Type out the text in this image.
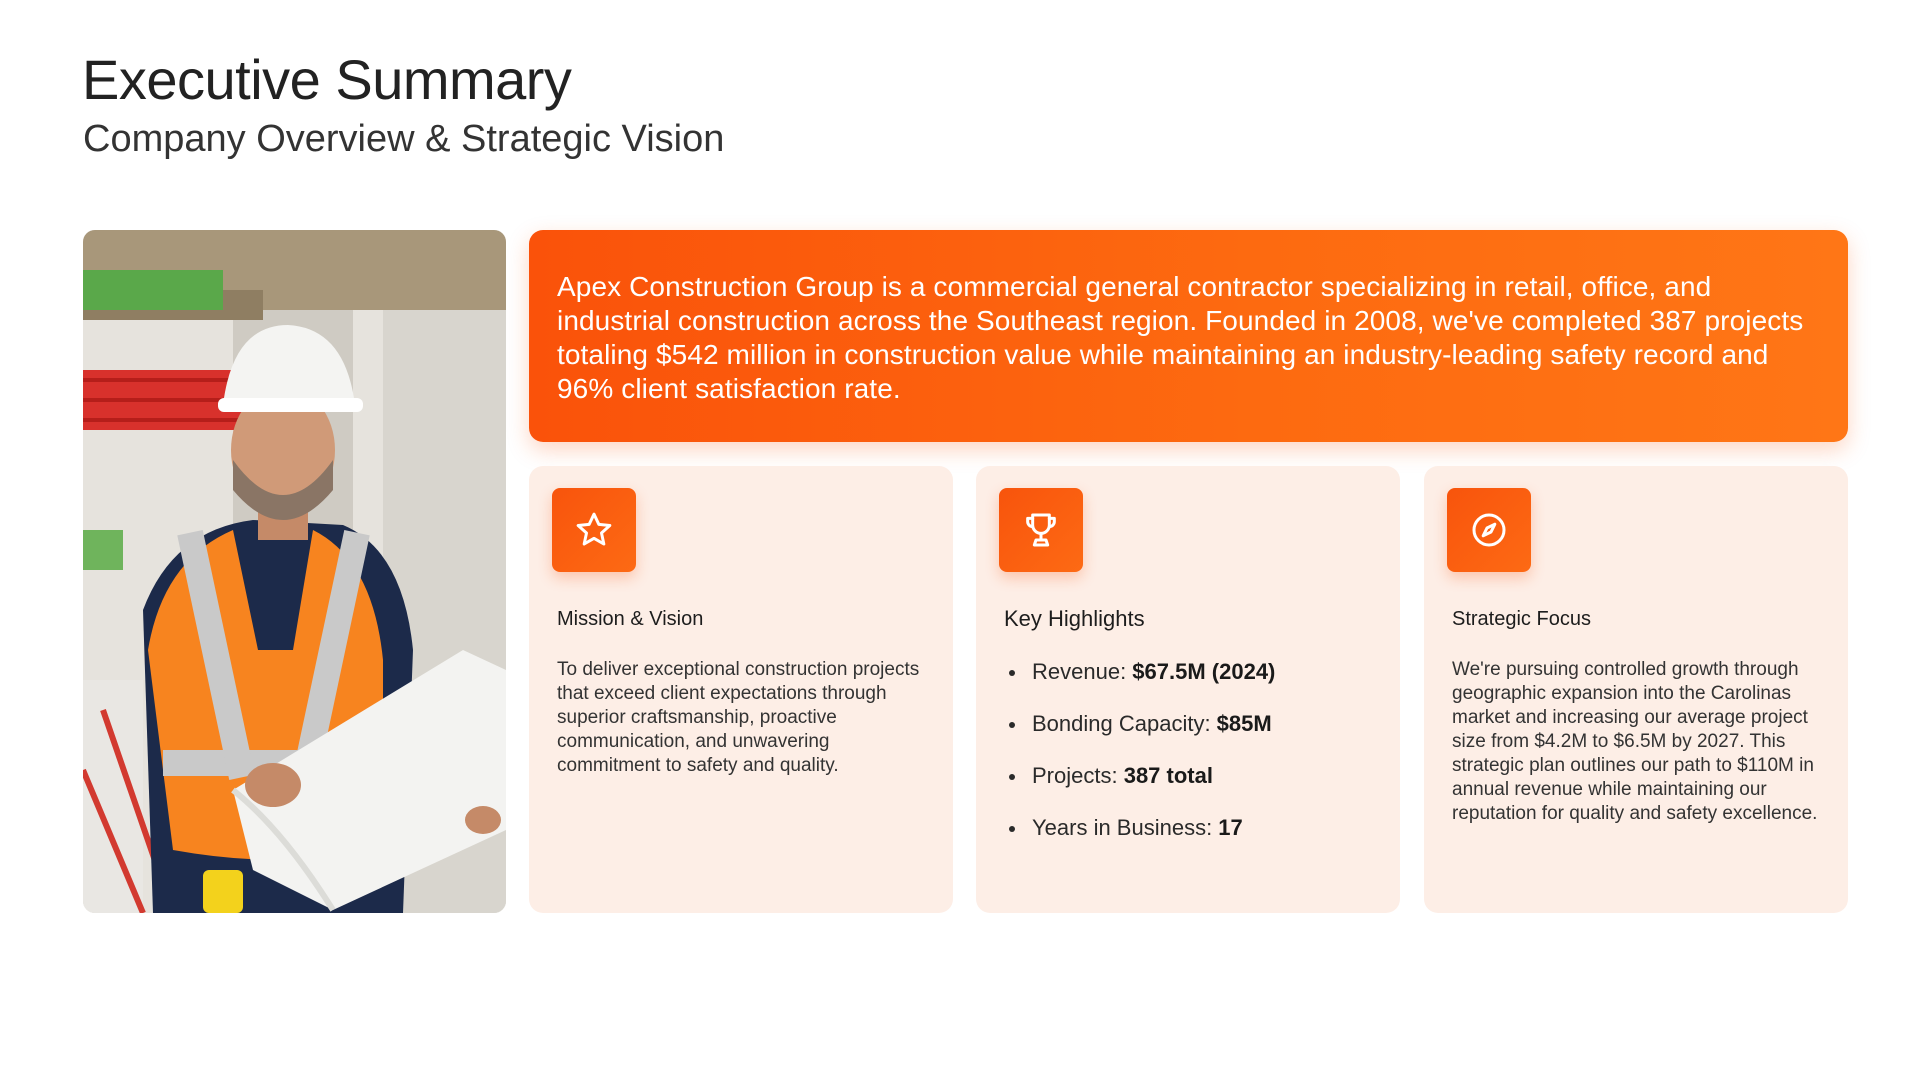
Executive Summary
Company Overview & Strategic Vision

Apex Construction Group is a commercial general contractor specializing in retail, office, and industrial construction across the Southeast region. Founded in 2008, we've completed 387 projects totaling $542 million in construction value while maintaining an industry-leading safety record and 96% client satisfaction rate.

Mission & Vision
To deliver exceptional construction projects that exceed client expectations through superior craftsmanship, proactive communication, and unwavering commitment to safety and quality.
Key Highlights
Revenue: $67.5M (2024)
Bonding Capacity: $85M
Projects: 387 total
Years in Business: 17
Strategic Focus
We're pursuing controlled growth through geographic expansion into the Carolinas market and increasing our average project size from $4.2M to $6.5M by 2027. This strategic plan outlines our path to $110M in annual revenue while maintaining our reputation for quality and safety excellence.
